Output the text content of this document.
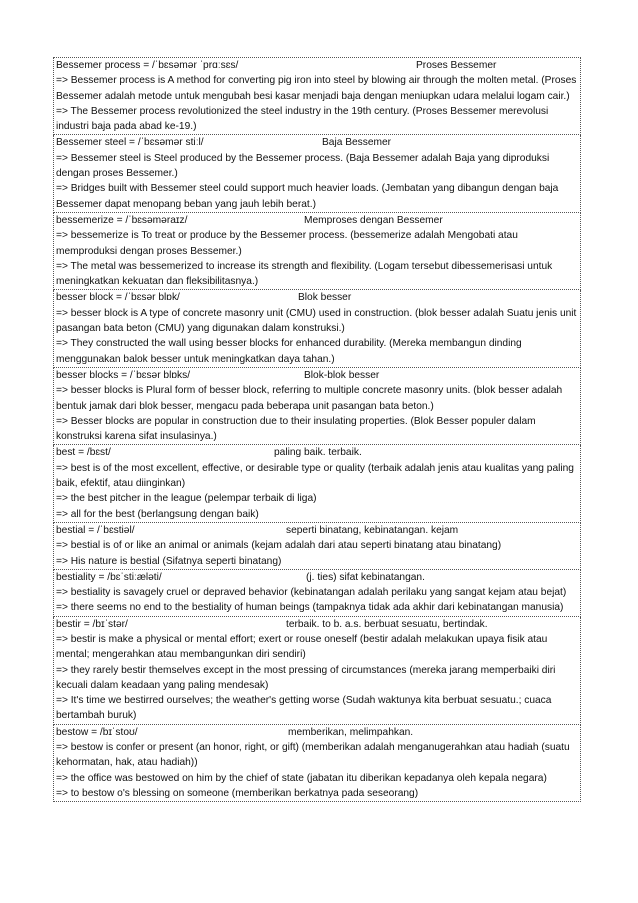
Bessemer process = /ˈbɛsəmər ˈprɑːsɛs/	Proses Bessemer
=> Bessemer process is A method for converting pig iron into steel by blowing air through the molten metal. (Proses Bessemer adalah metode untuk mengubah besi kasar menjadi baja dengan meniupkan udara melalui logam cair.)
=> The Bessemer process revolutionized the steel industry in the 19th century. (Proses Bessemer merevolusi industri baja pada abad ke-19.)
Bessemer steel = /ˈbɛsəmər stiːl/	Baja Bessemer
=> Bessemer steel is Steel produced by the Bessemer process. (Baja Bessemer adalah Baja yang diproduksi dengan proses Bessemer.)
=> Bridges built with Bessemer steel could support much heavier loads. (Jembatan yang dibangun dengan baja Bessemer dapat menopang beban yang jauh lebih berat.)
bessemerize = /ˈbɛsəməraɪz/	Memproses dengan Bessemer
=> bessemerize is To treat or produce by the Bessemer process. (bessemerize adalah Mengobati atau memproduksi dengan proses Bessemer.)
=> The metal was bessemerized to increase its strength and flexibility. (Logam tersebut dibessemerisasi untuk meningkatkan kekuatan dan fleksibilitasnya.)
besser block = /ˈbɛsər blɒk/	Blok besser
=> besser block is A type of concrete masonry unit (CMU) used in construction. (blok besser adalah Suatu jenis unit pasangan bata beton (CMU) yang digunakan dalam konstruksi.)
=> They constructed the wall using besser blocks for enhanced durability. (Mereka membangun dinding menggunakan balok besser untuk meningkatkan daya tahan.)
besser blocks = /ˈbɛsər blɒks/	Blok-blok besser
=> besser blocks is Plural form of besser block, referring to multiple concrete masonry units. (blok besser adalah bentuk jamak dari blok besser, mengacu pada beberapa unit pasangan bata beton.)
=> Besser blocks are popular in construction due to their insulating properties. (Blok Besser populer dalam konstruksi karena sifat insulasinya.)
best = /bɛst/	paling baik. terbaik.
=> best is of the most excellent, effective, or desirable type or quality (terbaik adalah jenis atau kualitas yang paling baik, efektif, atau diinginkan)
=> the best pitcher in the league (pelempar terbaik di liga)
=> all for the best (berlangsung dengan baik)
bestial = /ˈbɛstiəl/	seperti binatang, kebinatangan. kejam
=> bestial is of or like an animal or animals (kejam adalah dari atau seperti binatang atau binatang)
=> His nature is bestial (Sifatnya seperti binatang)
bestiality = /bɛˈstiːæləti/	(j. ties) sifat kebinatangan.
=> bestiality is savagely cruel or depraved behavior (kebinatangan adalah perilaku yang sangat kejam atau bejat)
=> there seems no end to the bestiality of human beings (tampaknya tidak ada akhir dari kebinatangan manusia)
bestir = /bɪˈstər/	terbaik. to b. a.s. berbuat sesuatu, bertindak.
=> bestir is make a physical or mental effort; exert or rouse oneself (bestir adalah melakukan upaya fisik atau mental; mengerahkan atau membangunkan diri sendiri)
=> they rarely bestir themselves except in the most pressing of circumstances (mereka jarang memperbaiki diri kecuali dalam keadaan yang paling mendesak)
=> It's time we bestirred ourselves; the weather's getting worse (Sudah waktunya kita berbuat sesuatu.; cuaca bertambah buruk)
bestow = /bɪˈstoʊ/	memberikan, melimpahkan.
=> bestow is confer or present (an honor, right, or gift) (memberikan adalah menganugerahkan atau hadiah (suatu kehormatan, hak, atau hadiah))
=> the office was bestowed on him by the chief of state (jabatan itu diberikan kepadanya oleh kepala negara)
=> to bestow o's blessing on someone (memberikan berkatnya pada seseorang)
